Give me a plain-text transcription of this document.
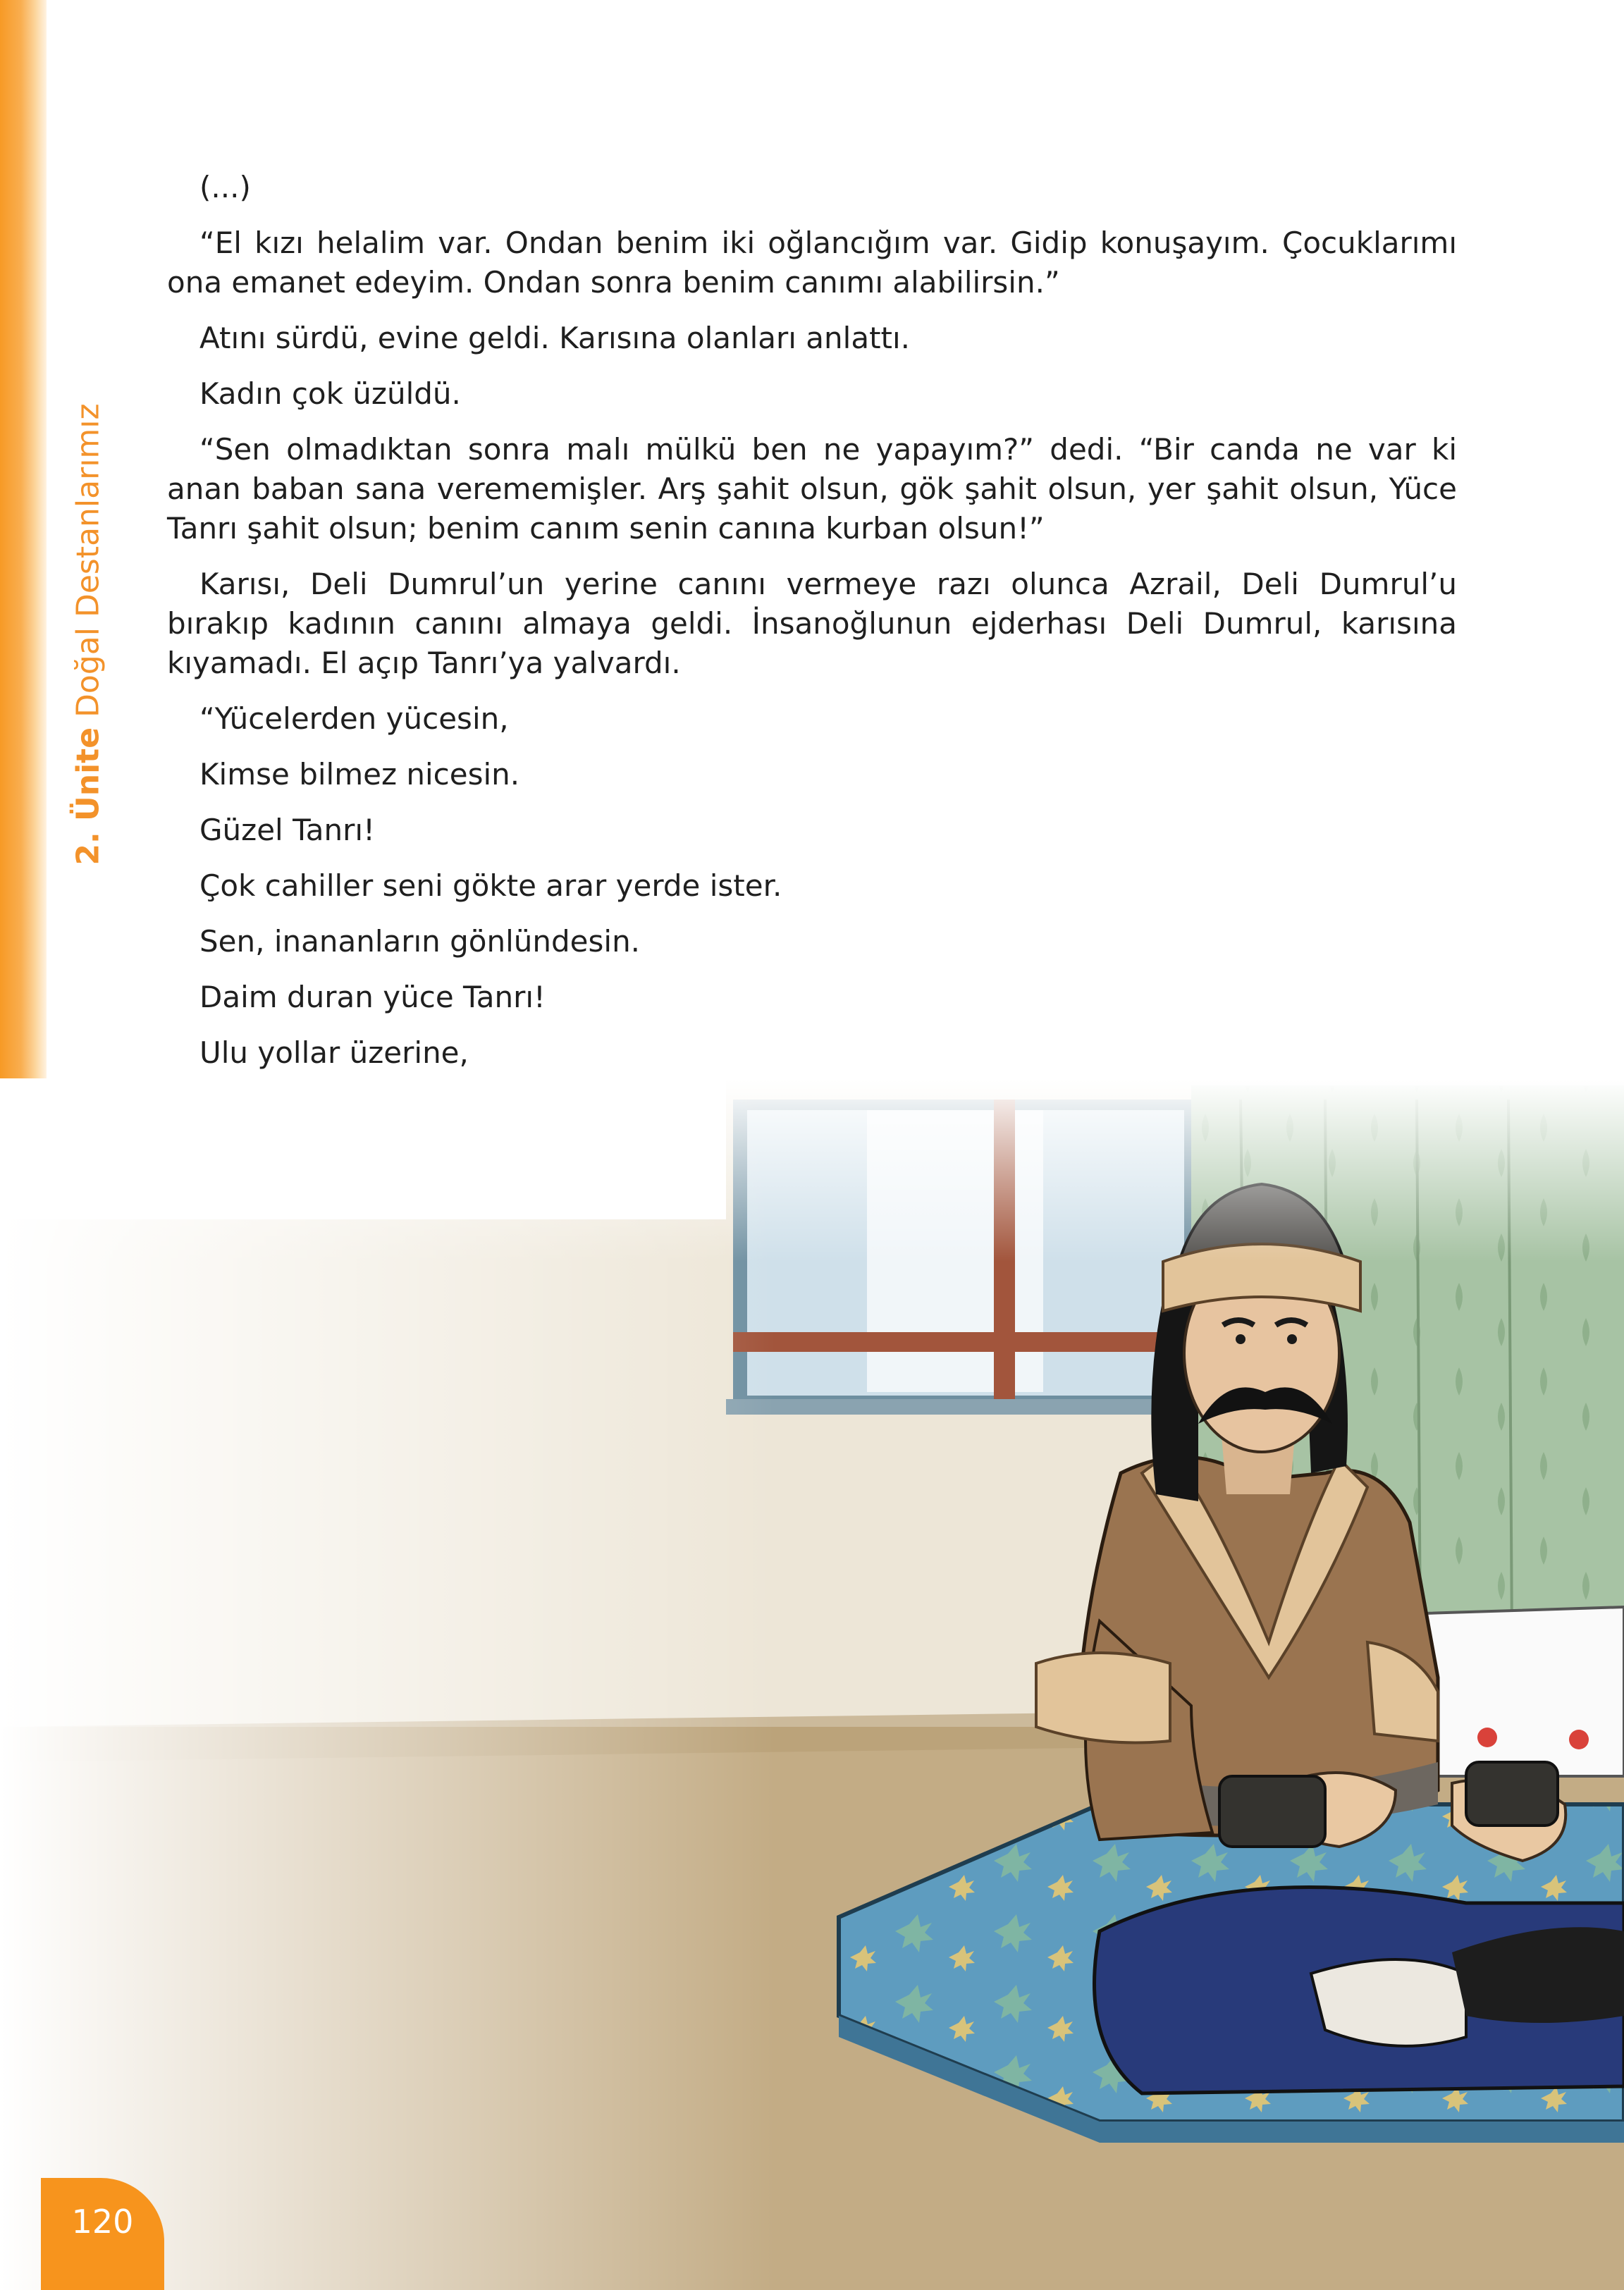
2. Ünite Doğal Destanlarımız

(...)

“El kızı helalim var. Ondan benim iki oğlancığım var. Gidip konuşayım. Çocuklarımı ona emanet edeyim. Ondan sonra benim canımı alabilirsin.”

Atını sürdü, evine geldi. Karısına olanları anlattı.

Kadın çok üzüldü.

“Sen olmadıktan sonra malı mülkü ben ne yapayım?” dedi. “Bir canda ne var ki anan baban sana verememişler. Arş şahit olsun, gök şahit olsun, yer şahit olsun, Yüce Tanrı şahit olsun; benim canım senin canına kurban olsun!”

Karısı, Deli Dumrul’un yerine canını vermeye razı olunca Azrail, Deli Dumrul’u bırakıp kadının canını almaya geldi. İnsanoğlunun ejderhası Deli Dumrul, karısına kıyamadı. El açıp Tanrı’ya yalvardı.

“Yücelerden yücesin,

Kimse bilmez nicesin.

Güzel Tanrı!

Çok cahiller seni gökte arar yerde ister.

Sen, inananların gönlündesin.

Daim duran yüce Tanrı!

Ulu yollar üzerine,

120
